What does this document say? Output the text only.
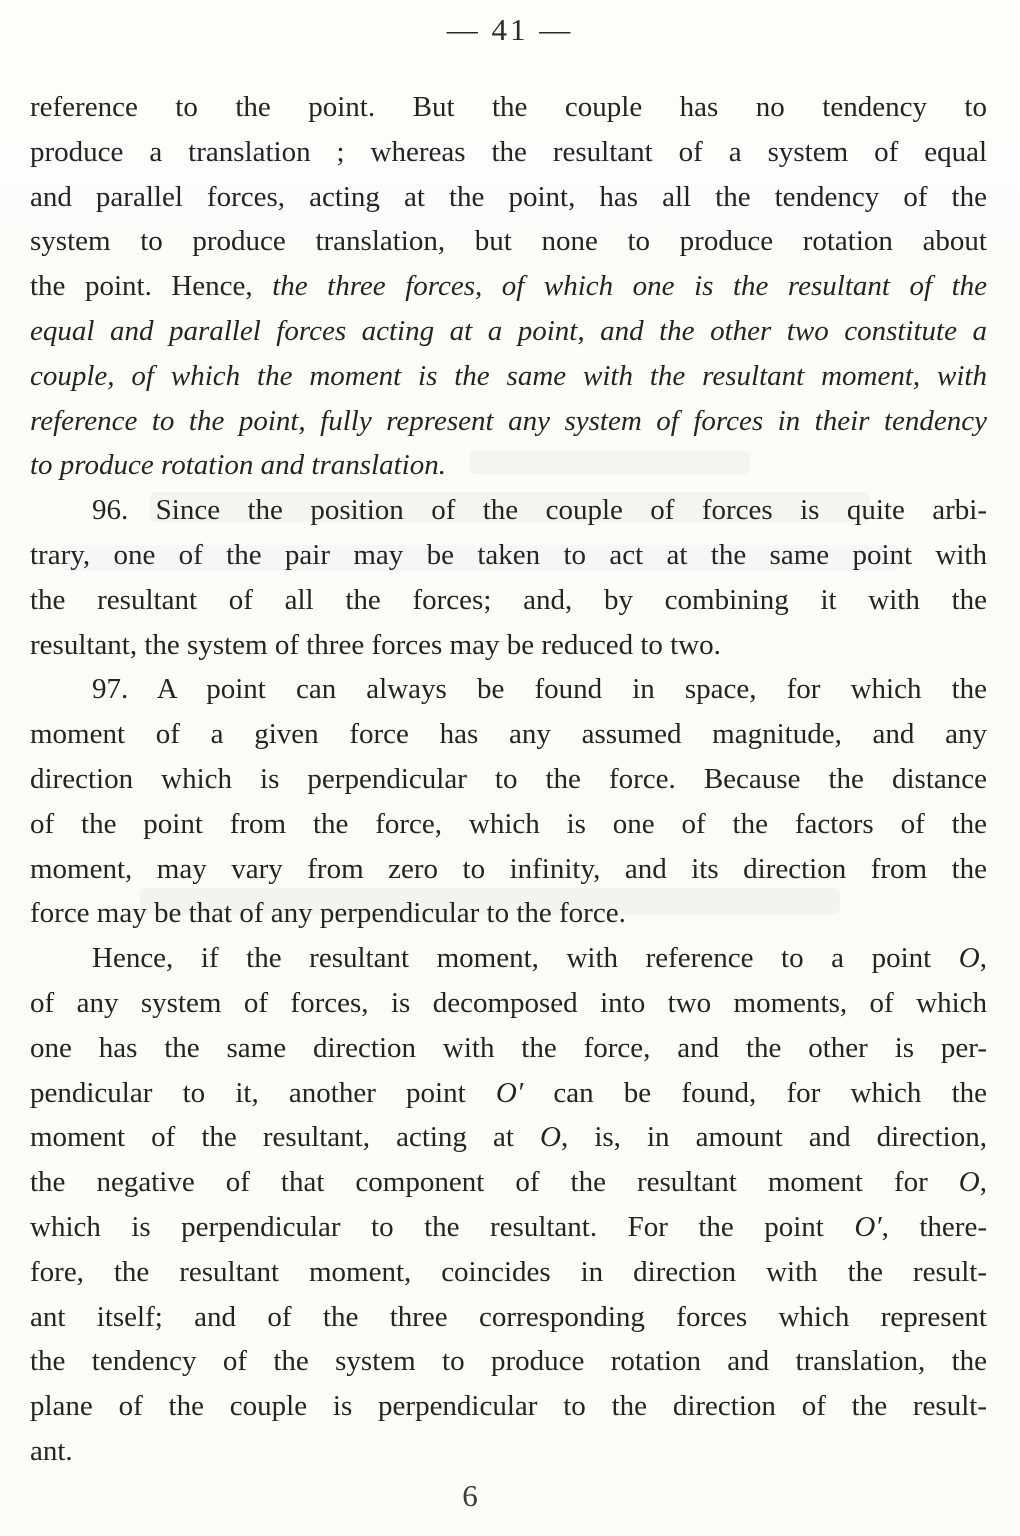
— 41 —
reference to the point. But the couple has no tendency to
produce a translation ; whereas the resultant of a system of equal
and parallel forces, acting at the point, has all the tendency of the
system to produce translation, but none to produce rotation about
the point. Hence, the three forces, of which one is the resultant of the
equal and parallel forces acting at a point, and the other two constitute a
couple, of which the moment is the same with the resultant moment, with
reference to the point, fully represent any system of forces in their tendency
to produce rotation and translation.
96. Since the position of the couple of forces is quite arbi-
trary, one of the pair may be taken to act at the same point with
the resultant of all the forces; and, by combining it with the
resultant, the system of three forces may be reduced to two.
97. A point can always be found in space, for which the
moment of a given force has any assumed magnitude, and any
direction which is perpendicular to the force. Because the distance
of the point from the force, which is one of the factors of the
moment, may vary from zero to infinity, and its direction from the
force may be that of any perpendicular to the force.
Hence, if the resultant moment, with reference to a point O,
of any system of forces, is decomposed into two moments, of which
one has the same direction with the force, and the other is per-
pendicular to it, another point O′ can be found, for which the
moment of the resultant, acting at O, is, in amount and direction,
the negative of that component of the resultant moment for O,
which is perpendicular to the resultant. For the point O′, there-
fore, the resultant moment, coincides in direction with the result-
ant itself; and of the three corresponding forces which represent
the tendency of the system to produce rotation and translation, the
plane of the couple is perpendicular to the direction of the result-
ant.
6
